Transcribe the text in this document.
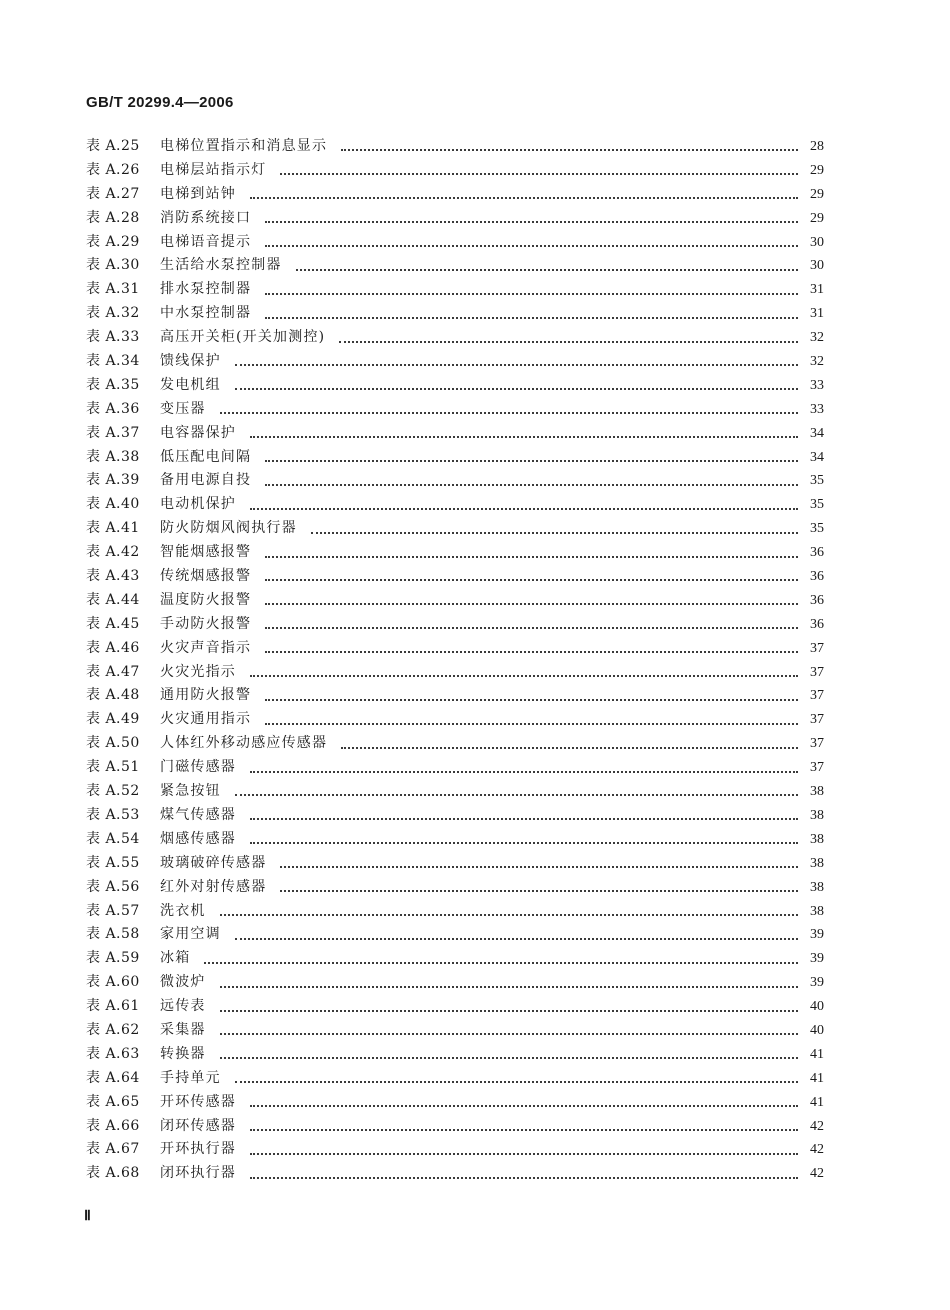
GB/T 20299.4—2006
表 A.25	电梯位置指示和消息显示	28
表 A.26	电梯层站指示灯	29
表 A.27	电梯到站钟	29
表 A.28	消防系统接口	29
表 A.29	电梯语音提示	30
表 A.30	生活给水泵控制器	30
表 A.31	排水泵控制器	31
表 A.32	中水泵控制器	31
表 A.33	高压开关柜(开关加测控)	32
表 A.34	馈线保护	32
表 A.35	发电机组	33
表 A.36	变压器	33
表 A.37	电容器保护	34
表 A.38	低压配电间隔	34
表 A.39	备用电源自投	35
表 A.40	电动机保护	35
表 A.41	防火防烟风阀执行器	35
表 A.42	智能烟感报警	36
表 A.43	传统烟感报警	36
表 A.44	温度防火报警	36
表 A.45	手动防火报警	36
表 A.46	火灾声音指示	37
表 A.47	火灾光指示	37
表 A.48	通用防火报警	37
表 A.49	火灾通用指示	37
表 A.50	人体红外移动感应传感器	37
表 A.51	门磁传感器	37
表 A.52	紧急按钮	38
表 A.53	煤气传感器	38
表 A.54	烟感传感器	38
表 A.55	玻璃破碎传感器	38
表 A.56	红外对射传感器	38
表 A.57	洗衣机	38
表 A.58	家用空调	39
表 A.59	冰箱	39
表 A.60	微波炉	39
表 A.61	远传表	40
表 A.62	采集器	40
表 A.63	转换器	41
表 A.64	手持单元	41
表 A.65	开环传感器	41
表 A.66	闭环传感器	42
表 A.67	开环执行器	42
表 A.68	闭环执行器	42
Ⅱ
